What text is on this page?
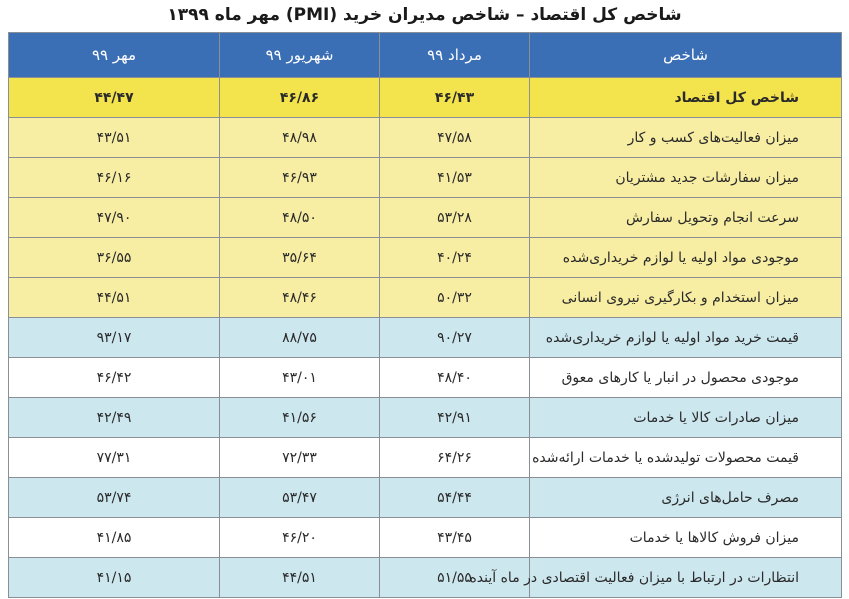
شاخص کل اقتصاد – شاخص مدیران خرید (PMI) مهر ماه ۱۳۹۹
شاخص	مرداد ۹۹	شهریور ۹۹	مهر ۹۹
شاخص کل اقتصاد	۴۶/۴۳	۴۶/۸۶	۴۴/۴۷
میزان فعالیت‌های کسب و کار	۴۷/۵۸	۴۸/۹۸	۴۳/۵۱
میزان سفارشات جدید مشتریان	۴۱/۵۳	۴۶/۹۳	۴۶/۱۶
سرعت انجام وتحویل سفارش	۵۳/۲۸	۴۸/۵۰	۴۷/۹۰
موجودی مواد اولیه یا لوازم خریداری‌شده	۴۰/۲۴	۳۵/۶۴	۳۶/۵۵
میزان استخدام و بکارگیری نیروی انسانی	۵۰/۳۲	۴۸/۴۶	۴۴/۵۱
قیمت خرید مواد اولیه یا لوازم خریداری‌شده	۹۰/۲۷	۸۸/۷۵	۹۳/۱۷
موجودی محصول در انبار یا کارهای معوق	۴۸/۴۰	۴۳/۰۱	۴۶/۴۲
میزان صادرات کالا یا خدمات	۴۲/۹۱	۴۱/۵۶	۴۲/۴۹
قیمت محصولات تولیدشده یا خدمات ارائه‌شده	۶۴/۲۶	۷۲/۳۳	۷۷/۳۱
مصرف حامل‌های انرژی	۵۴/۴۴	۵۳/۴۷	۵۳/۷۴
میزان فروش کالاها یا خدمات	۴۳/۴۵	۴۶/۲۰	۴۱/۸۵
انتظارات در ارتباط با میزان فعالیت اقتصادی در ماه آینده	۵۱/۵۵	۴۴/۵۱	۴۱/۱۵
